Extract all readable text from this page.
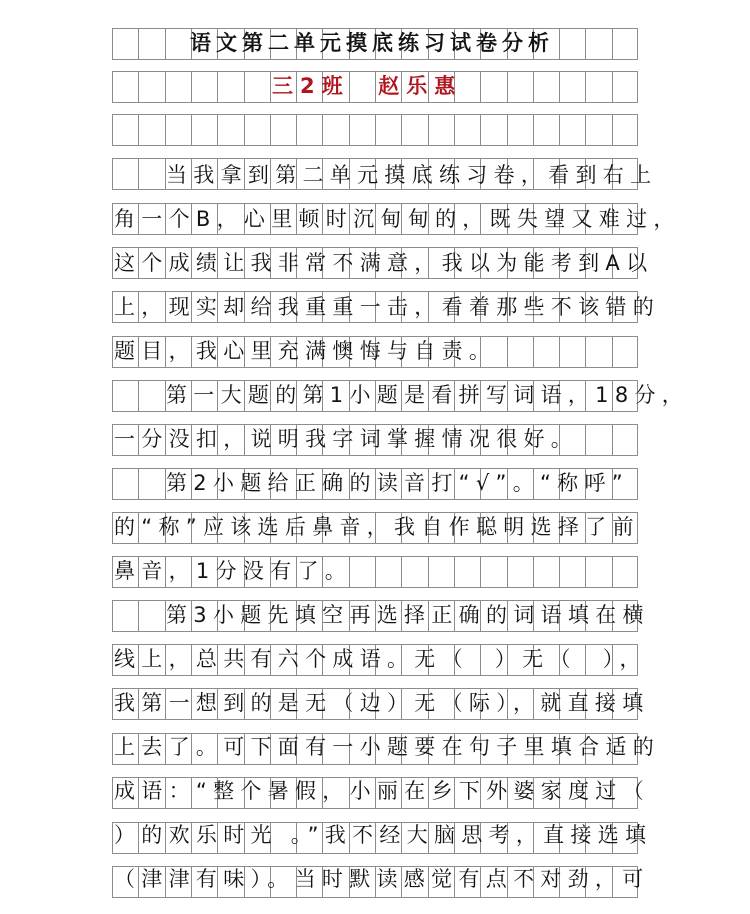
语文第二单元摸底练习试卷分析
三2班  赵乐惠
当我拿到第二单元摸底练习卷，看到右上
角一个B，心里顿时沉甸甸的，既失望又难过，
这个成绩让我非常不满意，我以为能考到A以
上，现实却给我重重一击，看着那些不该错的
题目，我心里充满懊悔与自责。
第一大题的第1小题是看拼写词语，18分，
一分没扣，说明我字词掌握情况很好。
第2小题给正确的读音打“√”。“称呼”
的“称”应该选后鼻音，我自作聪明选择了前
鼻音，1分没有了。
第3小题先填空再选择正确的词语填在横
线上，总共有六个成语。无（  ）无（  ），
我第一想到的是无（边）无（际），就直接填
上去了。可下面有一小题要在句子里填合适的
成语：“整个暑假，小丽在乡下外婆家度过（
）的欢乐时光 。”我不经大脑思考，直接选填
（津津有味）。当时默读感觉有点不对劲，可
